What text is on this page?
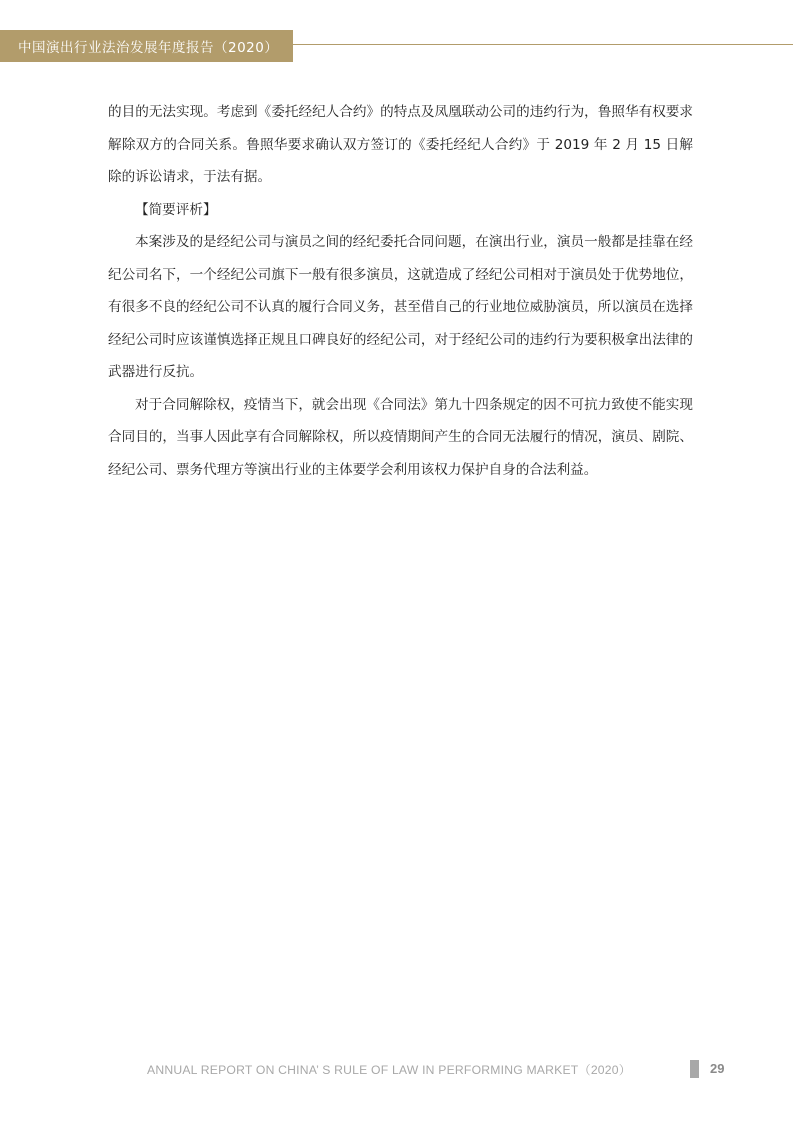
中国演出行业法治发展年度报告（2020）

的目的无法实现。考虑到《委托经纪人合约》的特点及凤凰联动公司的违约行为，鲁照华有权要求解除双方的合同关系。鲁照华要求确认双方签订的《委托经纪人合约》于 2019 年 2 月 15 日解除的诉讼请求，于法有据。

【简要评析】

本案涉及的是经纪公司与演员之间的经纪委托合同问题，在演出行业，演员一般都是挂靠在经纪公司名下，一个经纪公司旗下一般有很多演员，这就造成了经纪公司相对于演员处于优势地位，有很多不良的经纪公司不认真的履行合同义务，甚至借自己的行业地位威胁演员，所以演员在选择经纪公司时应该谨慎选择正规且口碑良好的经纪公司，对于经纪公司的违约行为要积极拿出法律的武器进行反抗。

对于合同解除权，疫情当下，就会出现《合同法》第九十四条规定的因不可抗力致使不能实现合同目的，当事人因此享有合同解除权，所以疫情期间产生的合同无法履行的情况，演员、剧院、经纪公司、票务代理方等演出行业的主体要学会利用该权力保护自身的合法利益。

ANNUAL REPORT ON CHINA’ S RULE OF LAW IN PERFORMING MARKET（2020）	29
